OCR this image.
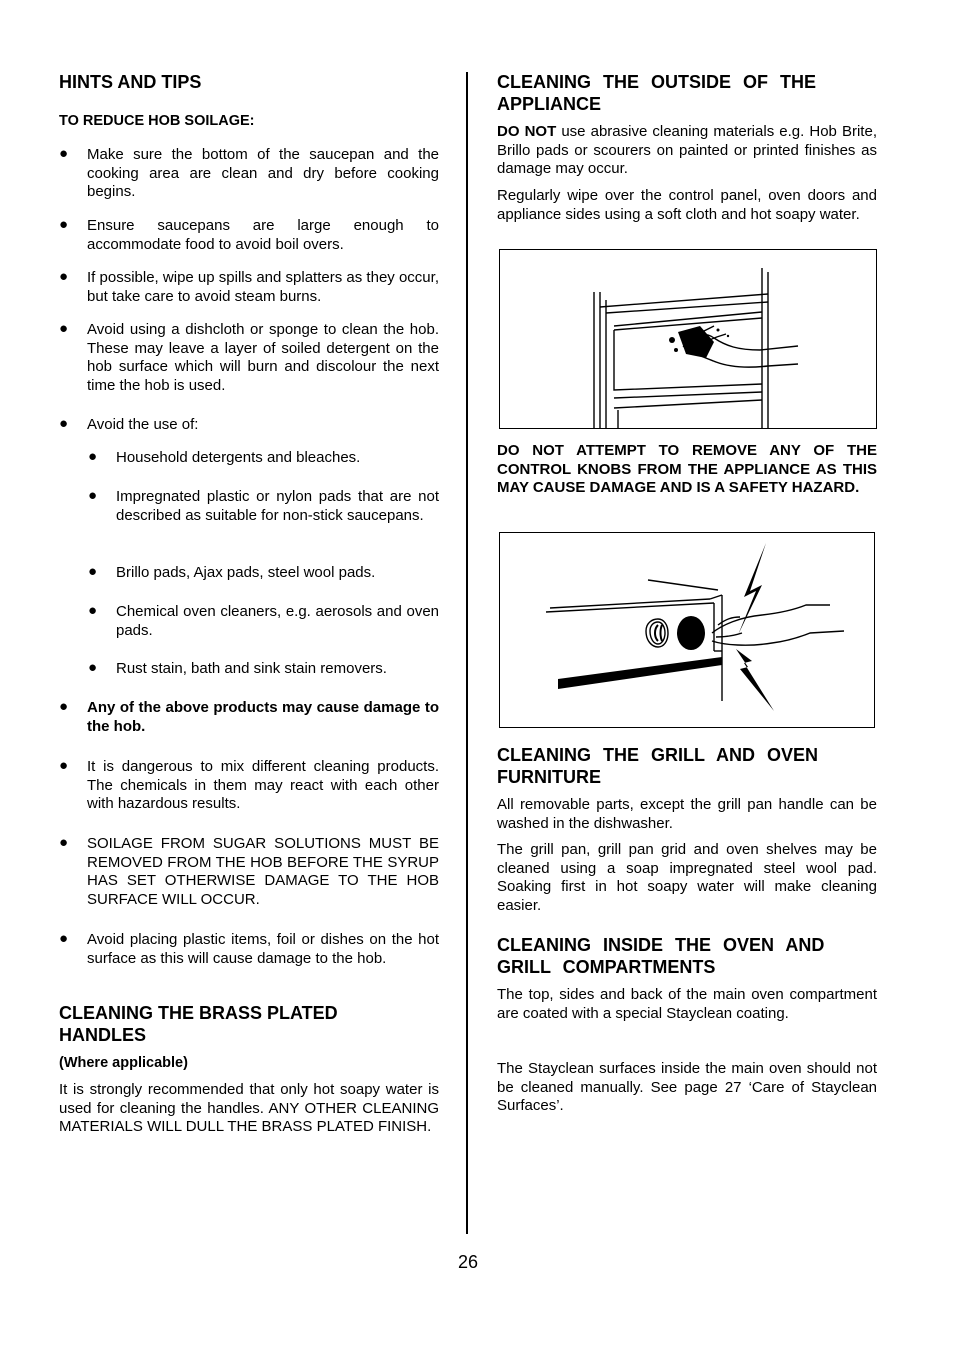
HINTS AND TIPS
TO REDUCE HOB SOILAGE:
● Make sure the bottom of the saucepan and the cooking area are clean and dry before cooking begins.

● Ensure saucepans are large enough to accommodate food to avoid boil overs.

● If possible, wipe up spills and splatters as they occur, but take care to avoid steam burns.

● Avoid using a dishcloth or sponge to clean the hob. These may leave a layer of soiled detergent on the hob surface which will burn and discolour the next time the hob is used.

● Avoid the use of:

● Household detergents and bleaches.

● Impregnated plastic or nylon pads that are not described as suitable for non-stick saucepans.

● Brillo pads, Ajax pads, steel wool pads.

● Chemical oven cleaners, e.g. aerosols and oven pads.

● Rust stain, bath and sink stain removers.

● Any of the above products may cause damage to the hob.

● It is dangerous to mix different cleaning products. The chemicals in them may react with each other with hazardous results.

● SOILAGE FROM SUGAR SOLUTIONS MUST BE REMOVED FROM THE HOB BEFORE THE SYRUP HAS SET OTHERWISE DAMAGE TO THE HOB SURFACE WILL OCCUR.

● Avoid placing plastic items, foil or dishes on the hot surface as this will cause damage to the hob.

CLEANING THE BRASS PLATED HANDLES
(Where applicable)

It is strongly recommended that only hot soapy water is used for cleaning the handles. ANY OTHER CLEANING MATERIALS WILL DULL THE BRASS PLATED FINISH.

CLEANING THE OUTSIDE OF THE APPLIANCE

DO NOT use abrasive cleaning materials e.g. Hob Brite, Brillo pads or scourers on painted or printed finishes as damage may occur.

Regularly wipe over the control panel, oven doors and appliance sides using a soft cloth and hot soapy water.

DO NOT ATTEMPT TO REMOVE ANY OF THE CONTROL KNOBS FROM THE APPLIANCE AS THIS MAY CAUSE DAMAGE AND IS A SAFETY HAZARD.

CLEANING THE GRILL AND OVEN FURNITURE

All removable parts, except the grill pan handle can be washed in the dishwasher.

The grill pan, grill pan grid and oven shelves may be cleaned using a soap impregnated steel wool pad. Soaking first in hot soapy water will make cleaning easier.

CLEANING INSIDE THE OVEN AND GRILL COMPARTMENTS

The top, sides and back of the main oven compartment are coated with a special Stayclean coating.

The Stayclean surfaces inside the main oven should not be cleaned manually. See page 27 ‘Care of Stayclean Surfaces’.

26
